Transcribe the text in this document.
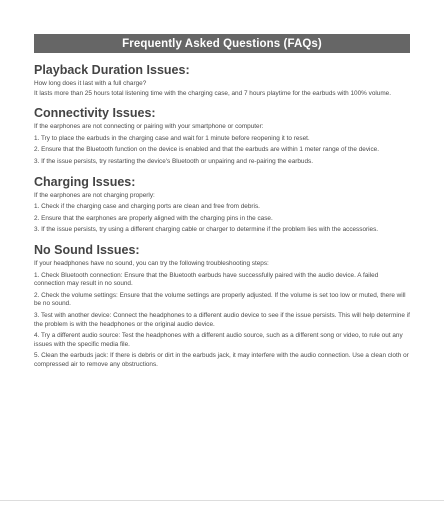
Frequently Asked Questions (FAQs)
Playback Duration Issues:

How long does it last with a full charge?

It lasts more than 25 hours total listening time with the charging case, and 7 hours playtime for the earbuds with 100% volume.

Connectivity Issues:

If the earphones are not connecting or pairing with your smartphone or computer:

1. Try to place the earbuds in the charging case and wait for 1 minute before reopening it to reset.

2. Ensure that the Bluetooth function on the device is enabled and that the earbuds are within 1 meter range of the device.

3. If the issue persists, try restarting the device's Bluetooth or unpairing and re-pairing the earbuds.

Charging Issues:

If the earphones are not charging properly:

1. Check if the charging case and charging ports are clean and free from debris.

2. Ensure that the earphones are properly aligned with the charging pins in the case.

3. If the issue persists, try using a different charging cable or charger to determine if the problem lies with the accessories.

No Sound Issues:

If your headphones have no sound, you can try the following troubleshooting steps:

1. Check Bluetooth connection: Ensure that the Bluetooth earbuds have successfully paired with the audio device. A failed connection may result in no sound.

2. Check the volume settings: Ensure that the volume settings are properly adjusted. If the volume is set too low or muted, there will be no sound.

3. Test with another device: Connect the headphones to a different audio device to see if the issue persists. This will help determine if the problem is with the headphones or the original audio device.

4. Try a different audio source: Test the headphones with a different audio source, such as a different song or video, to rule out any issues with the specific media file.

5. Clean the earbuds jack: If there is debris or dirt in the earbuds jack, it may interfere with the audio connection. Use a clean cloth or compressed air to remove any obstructions.
